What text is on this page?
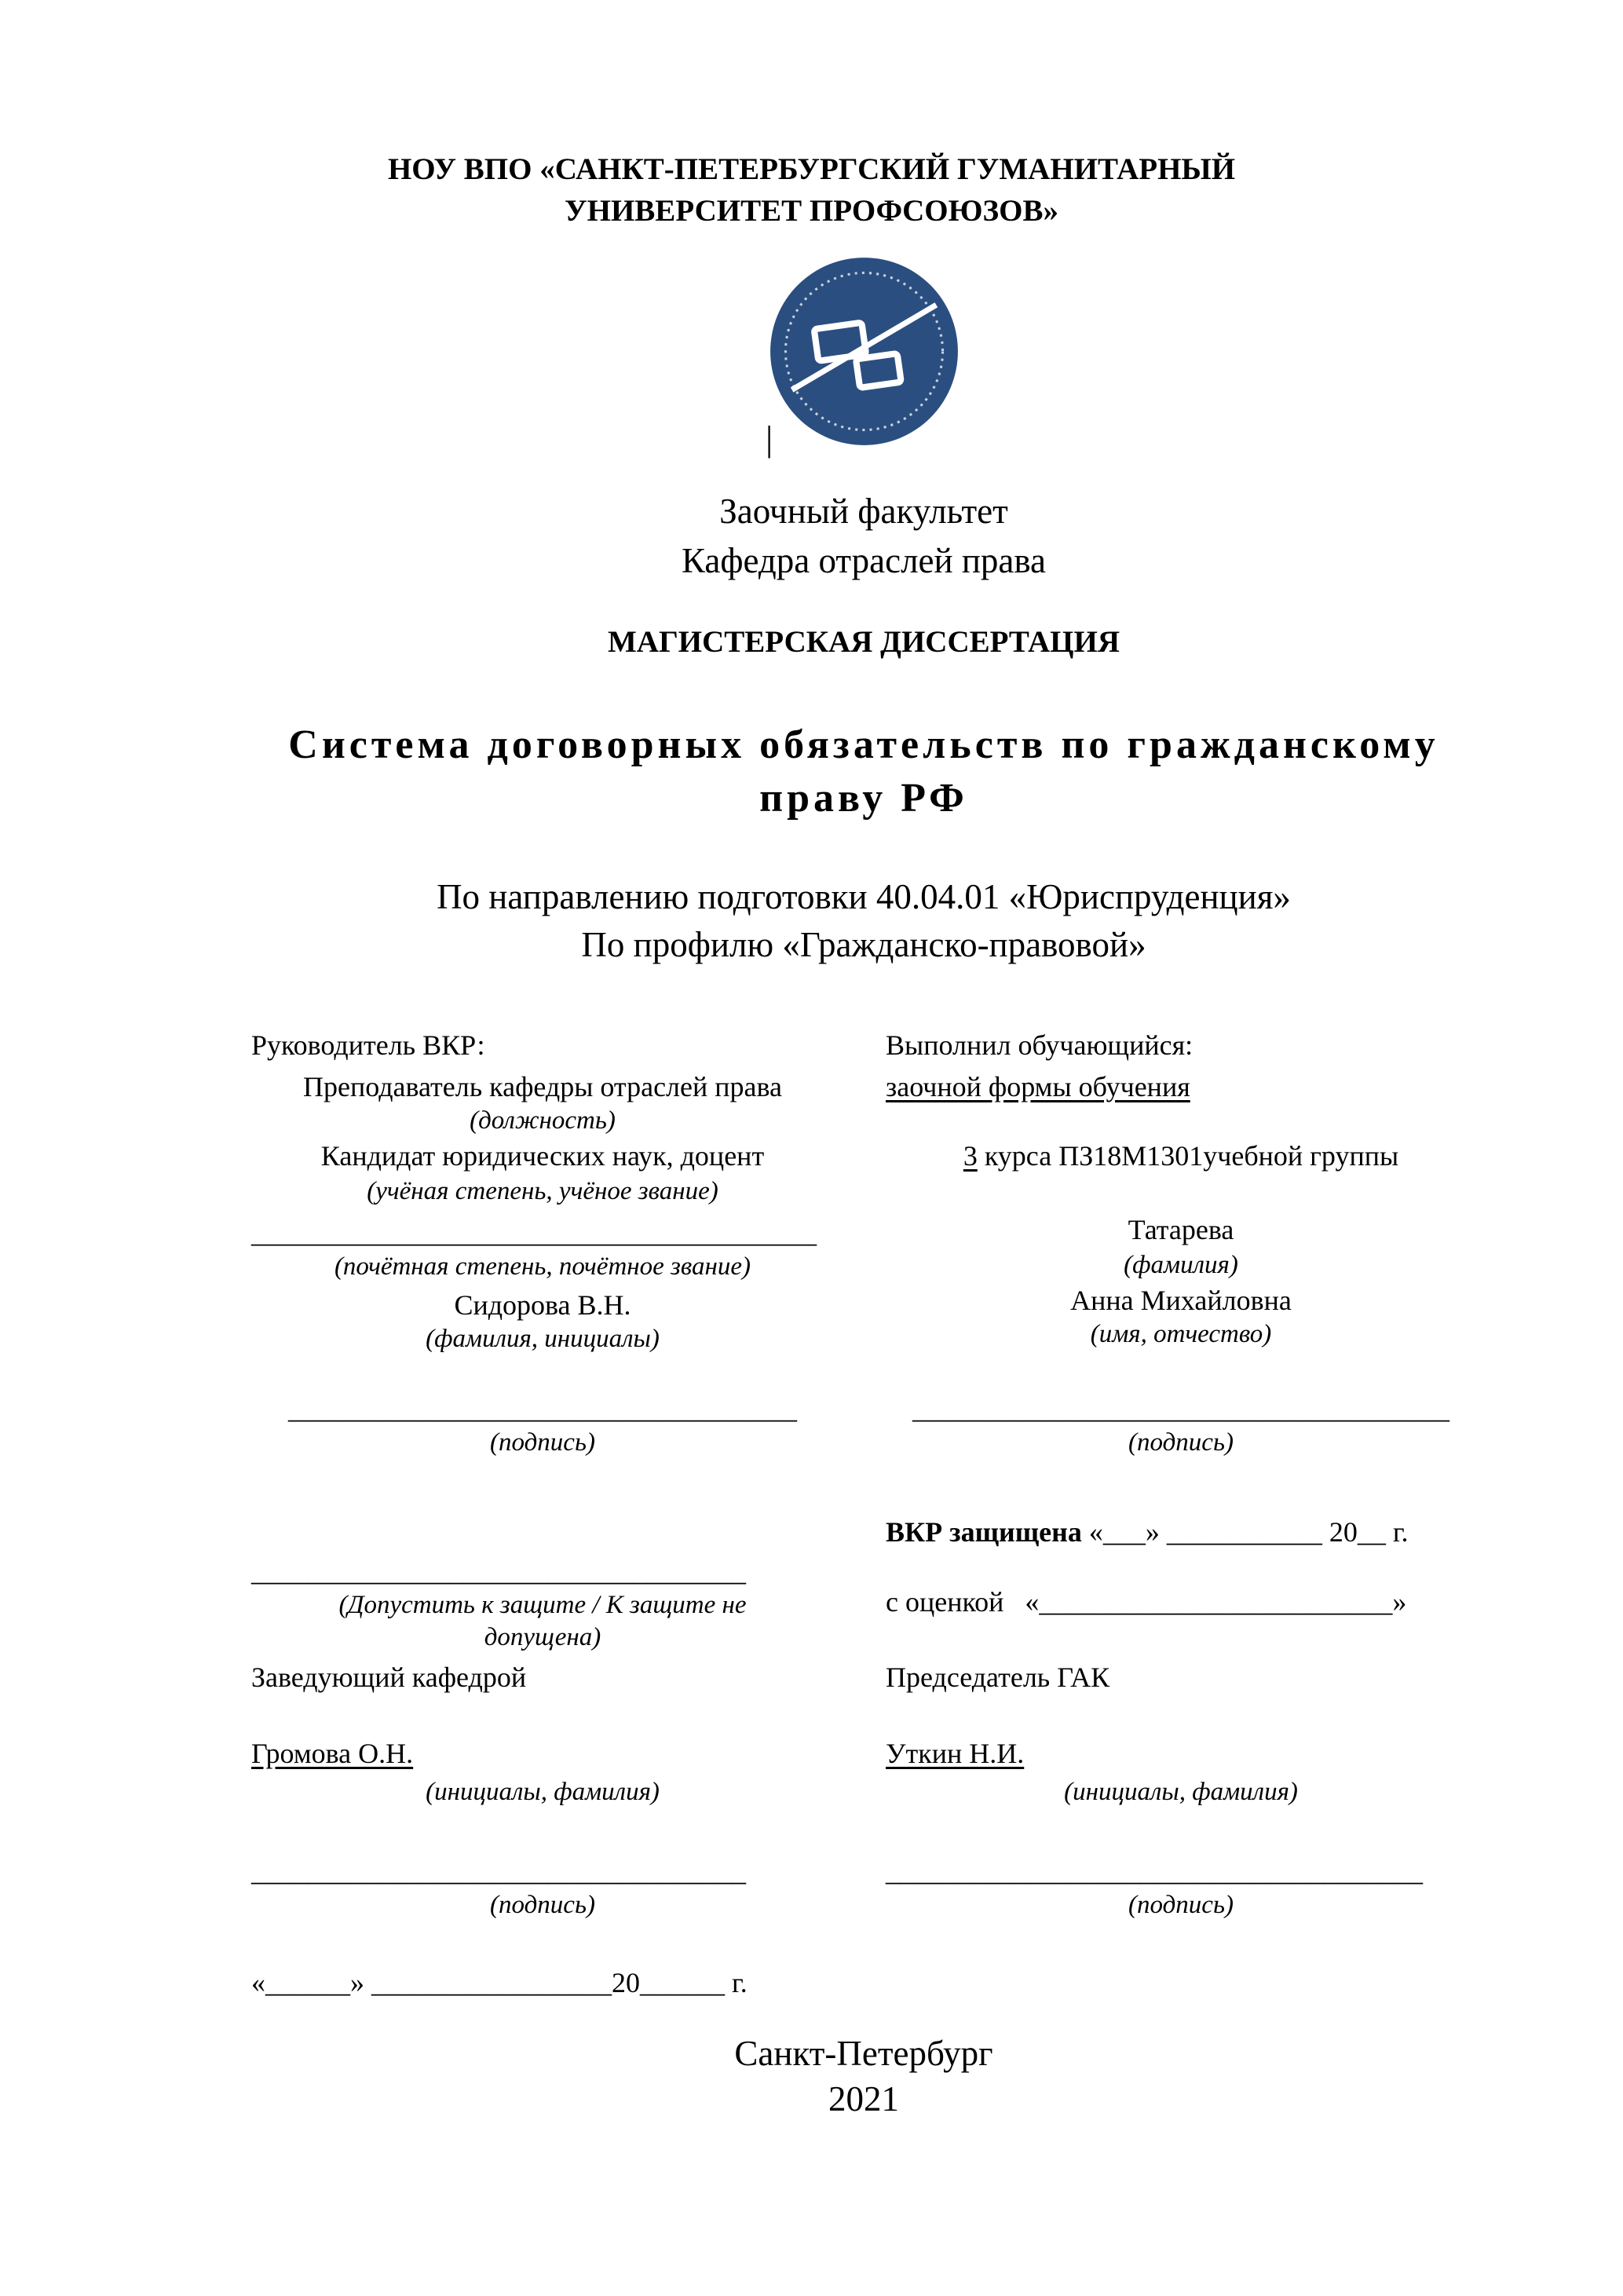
НОУ ВПО «САНКТ-ПЕТЕРБУРГСКИЙ ГУМАНИТАРНЫЙ
УНИВЕРСИТЕТ ПРОФСОЮЗОВ»
Заочный факультет
Кафедра отраслей права
МАГИСТЕРСКАЯ ДИССЕРТАЦИЯ
Система договорных обязательств по гражданскому праву РФ
По направлению подготовки 40.04.01 «Юриспруденция»
По профилю «Гражданско-правовой»
Руководитель ВКР:
Преподаватель кафедры отраслей права
(должность)
Кандидат юридических наук, доцент
(учёная степень, учёное звание)
________________________________________
(почётная степень, почётное звание)
Сидорова В.Н.
(фамилия, инициалы)
____________________________________
(подпись)
Выполнил обучающийся:
заочной формы обучения
3 курса ПЗ18М1301учебной группы
Татарева
(фамилия)
Анна Михайловна
(имя, отчество)
______________________________________
(подпись)
___________________________________
(Допустить к защите / К защите не допущена)
Заведующий кафедрой
Громова О.Н.
(инициалы, фамилия)
___________________________________
(подпись)
«______» _________________20______ г.
ВКР защищена «___» ___________ 20__ г.
с оценкой «_________________________»
Председатель ГАК
Уткин Н.И.
(инициалы, фамилия)
______________________________________
(подпись)
Санкт-Петербург
2021
|
